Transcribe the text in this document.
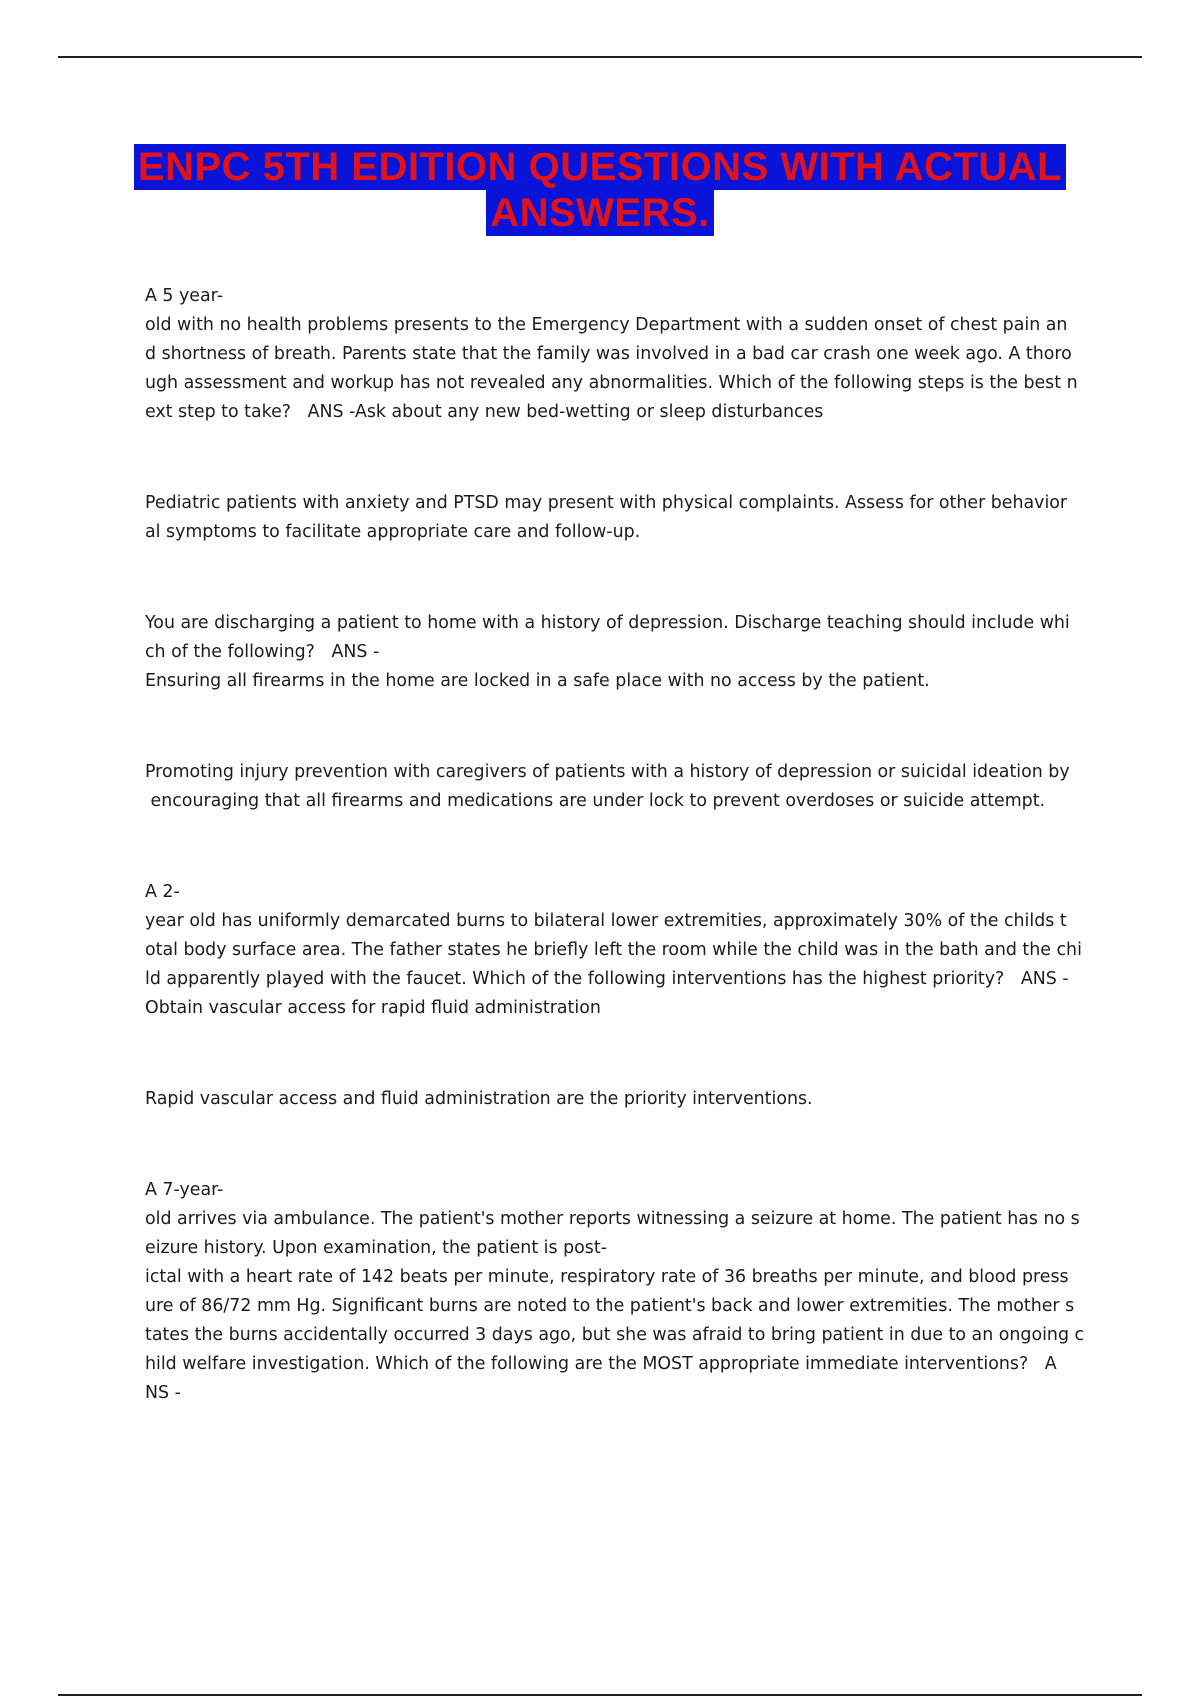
ENPC 5TH EDITION QUESTIONS WITH ACTUAL
ANSWERS.
A 5 year-
old with no health problems presents to the Emergency Department with a sudden onset of chest pain an
d shortness of breath. Parents state that the family was involved in a bad car crash one week ago. A thoro
ugh assessment and workup has not revealed any abnormalities. Which of the following steps is the best n
ext step to take?   ANS -Ask about any new bed-wetting or sleep disturbances
Pediatric patients with anxiety and PTSD may present with physical complaints. Assess for other behavior
al symptoms to facilitate appropriate care and follow-up.
You are discharging a patient to home with a history of depression. Discharge teaching should include whi
ch of the following?   ANS -
Ensuring all firearms in the home are locked in a safe place with no access by the patient.
Promoting injury prevention with caregivers of patients with a history of depression or suicidal ideation by
encouraging that all firearms and medications are under lock to prevent overdoses or suicide attempt.
A 2-
year old has uniformly demarcated burns to bilateral lower extremities, approximately 30% of the childs t
otal body surface area. The father states he briefly left the room while the child was in the bath and the chi
ld apparently played with the faucet. Which of the following interventions has the highest priority?   ANS -
Obtain vascular access for rapid fluid administration
Rapid vascular access and fluid administration are the priority interventions.
A 7-year-
old arrives via ambulance. The patient's mother reports witnessing a seizure at home. The patient has no s
eizure history. Upon examination, the patient is post-
ictal with a heart rate of 142 beats per minute, respiratory rate of 36 breaths per minute, and blood press
ure of 86/72 mm Hg. Significant burns are noted to the patient's back and lower extremities. The mother s
tates the burns accidentally occurred 3 days ago, but she was afraid to bring patient in due to an ongoing c
hild welfare investigation. Which of the following are the MOST appropriate immediate interventions?   A
NS -
